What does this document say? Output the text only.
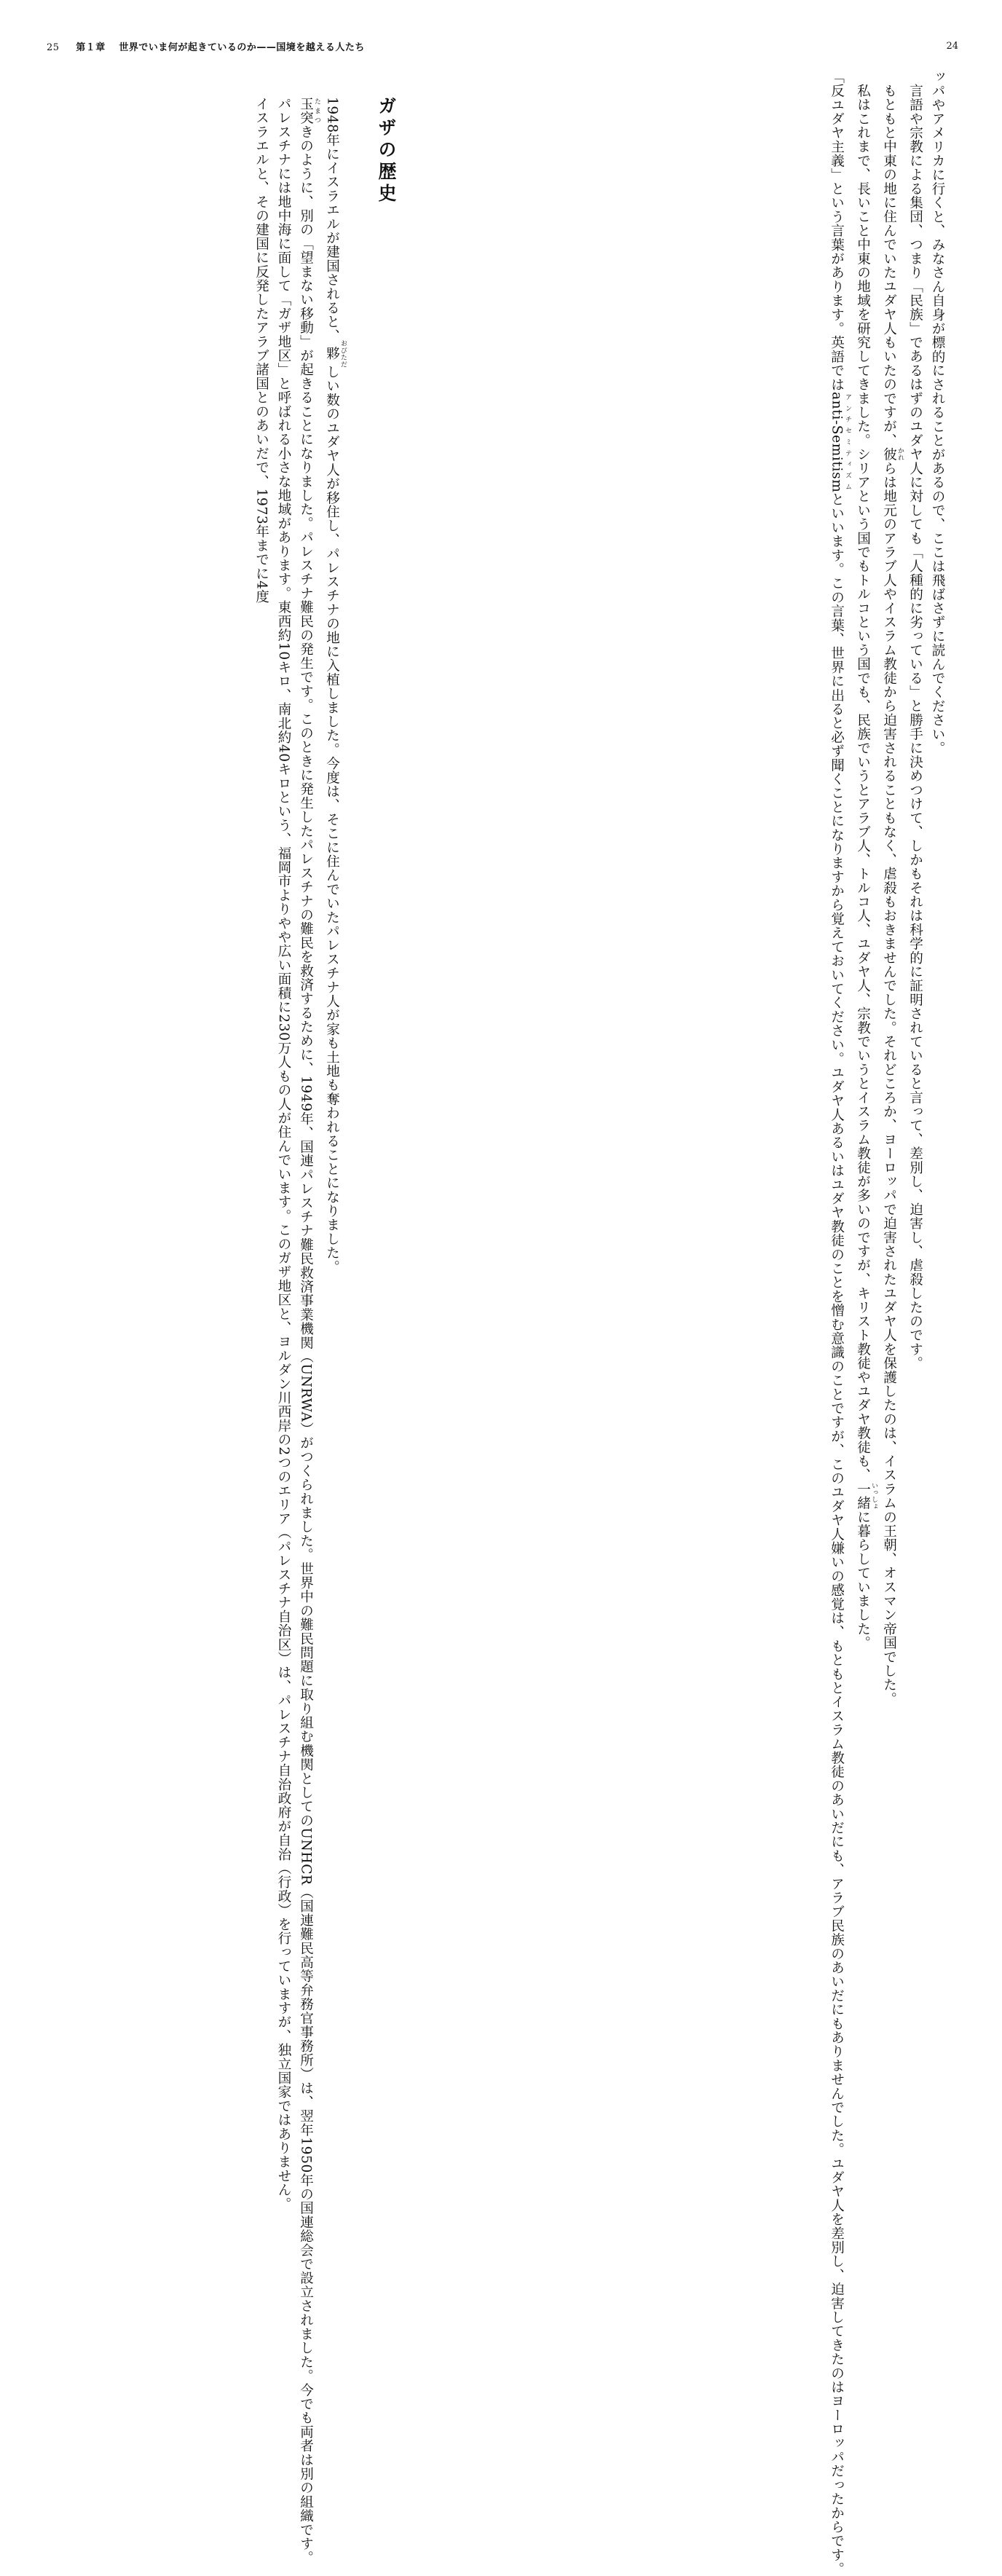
25 第１章 世界でいま何が起きているのか——国境を越える人たち
ガザの歴史

1948年にイスラエルが建国されると、夥 おびただしい数のユダヤ人が移住し、パレスチナの地に入植しました。今度は、そこに住んでいたパレスチナ人が家も土地も奪われることになりました。

玉突 たまつきのように、別の「望まない移動」が起きることになりました。パレスチナ難民の発生です。このときに発生したパレスチナの難民を救済するために、1949年、国連パレスチナ難民救済事業機関（UNRWA）がつくられました。世界中の難民問題に取り組む機関としてのUNHCR（国連難民高等弁務官事務所）は、翌年1950年の国連総会で設立されました。今でも両者は別の組織です。

パレスチナには地中海に面して「ガザ地区」と呼ばれる小さな地域があります。東西約10キロ、南北約40キロという、福岡市よりやや広い面積に230万人もの人が住んでいます。このガザ地区と、ヨルダン川西岸の2つのエリア（パレスチナ自治区）は、パレスチナ自治政府が自治（行政）を行っていますが、独立国家ではありません。

イスラエルと、その建国に反発したアラブ諸国とのあいだで、1973年までに4度

24

ッパやアメリカに行くと、みなさん自身が標的にされることがあるので、ここは飛ばさずに読んでください。

言語や宗教による集団、つまり「民族」であるはずのユダヤ人に対しても「人種的に劣っている」と勝手に決めつけて、しかもそれは科学的に証明されていると言って、差別し、迫害し、虐殺したのです。

もともと中東の地に住んでいたユダヤ人もいたのですが、彼 かれらは地元のアラブ人やイスラム教徒から迫害されることもなく、虐殺もおきませんでした。それどころか、ヨーロッパで迫害されたユダヤ人を保護したのは、イスラムの王朝、オスマン帝国でした。

私はこれまで、長いこと中東の地域を研究してきました。シリアという国でもトルコという国でも、民族でいうとアラブ人、トルコ人、ユダヤ人、宗教でいうとイスラム教徒が多いのですが、キリスト教徒やユダヤ教徒も、一緒 いっしょに暮らしていました。

「反ユダヤ主義」という言葉があります。英語ではanti-Semitism アンチセミティズムといいます。この言葉、世界に出ると必ず聞くことになりますから覚えておいてください。ユダヤ人あるいはユダヤ教徒のことを憎む意識のことですが、このユダヤ人嫌いの感覚は、もともとイスラム教徒のあいだにも、アラブ民族のあいだにもありませんでした。ユダヤ人を差別し、迫害してきたのはヨーロッパだったからです。
